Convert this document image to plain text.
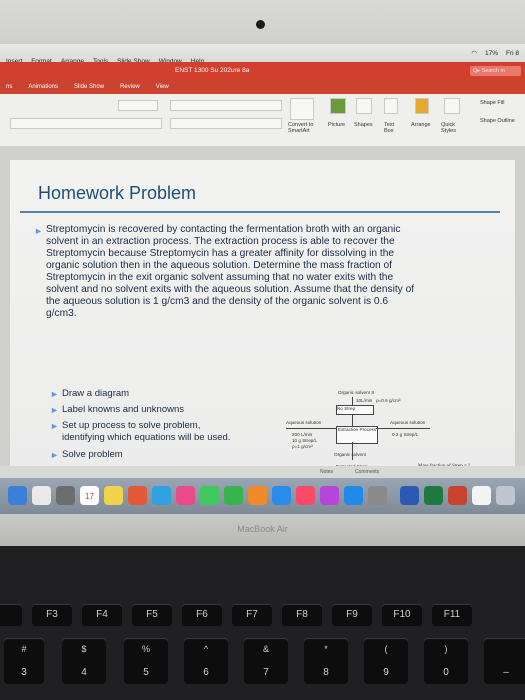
◠ 17% Fri 8
ENST 1300 Su 202ure 8a	Q▸ Search in
ns	Animations	Slide Show	Review	View
Convert to SmartArt
Picture Shapes Text Box
Arrange Quick Styles
Shape Fill
Shape Outline
Homework Problem
► Streptomycin is recovered by contacting the fermentation broth with an organic solvent in an extraction process. The extraction process is able to recover the Streptomycin because Streptomycin has a greater affinity for dissolving in the organic solution then in the aqueous solution. Determine the mass fraction of Streptomycin in the exit organic solvent assuming that no water exits with the solvent and no solvent exits with the aqueous solution. Assume that the density of the aqueous solution is 1 g/cm3 and the density of the organic solvent is 0.6 g/cm3.
Organic solvent S
10L/min ρ=0.6 g/cm³
No Strep
Aqueous solution
200 L/min
10 g Strep/L
ρ=1 g/cm³
Extraction Process
Aqueous solution
0.2 g Strep/L
Organic solvent
► Draw a diagram
► Label knowns and unknowns
► Set up process to solve problem,
identifying which equations will be used.
► Solve problem
Notes	Comments
17
MacBook Air
F3	F4	F5	F6	F7	F8	F9	F10	F11
#
3
$
4
%
5
^
6
&
7
*
8
(
9
)
0	–
